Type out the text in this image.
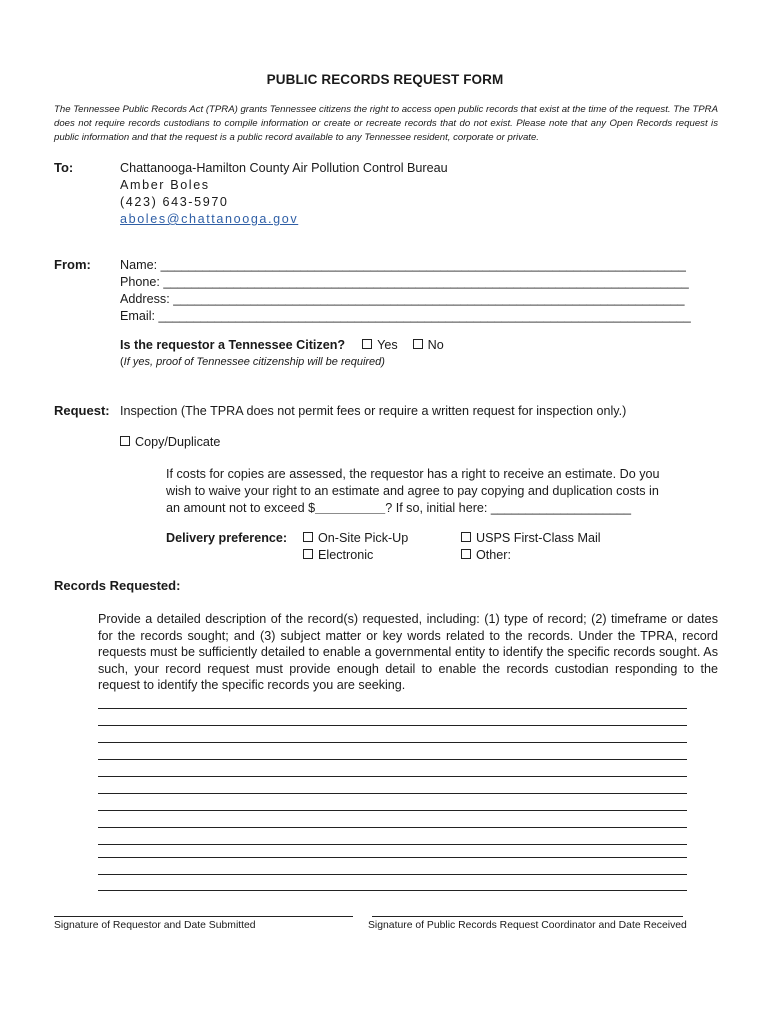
PUBLIC RECORDS REQUEST FORM
The Tennessee Public Records Act (TPRA) grants Tennessee citizens the right to access open public records that exist at the time of the request. The TPRA does not require records custodians to compile information or create or recreate records that do not exist. Please note that any Open Records request is public information and that the request is a public record available to any Tennessee resident, corporate or private.
To:	Chattanooga-Hamilton County Air Pollution Control Bureau
Amber Boles
(423) 643-5970
aboles@chattanooga.gov
From: Name: ___________________________________________________________________________
Phone: ___________________________________________________________________________
Address: _________________________________________________________________________
Email: ____________________________________________________________________________
Is the requestor a Tennessee Citizen?	Yes No
(If yes, proof of Tennessee citizenship will be required)
Request: Inspection (The TPRA does not permit fees or require a written request for inspection only.)
Copy/Duplicate
If costs for copies are assessed, the requestor has a right to receive an estimate. Do you
wish to waive your right to an estimate and agree to pay copying and duplication costs in
an amount not to exceed $__________? If so, initial here: ____________________
Delivery preference:	On-Site Pick-Up
Electronic
USPS First-Class Mail
Other:
Records Requested:
Provide a detailed description of the record(s) requested, including: (1) type of record; (2) timeframe or dates for the records sought; and (3) subject matter or key words related to the records. Under the TPRA, record requests must be sufficiently detailed to enable a governmental entity to identify the specific records sought. As such, your record request must provide enough detail to enable the records custodian responding to the request to identify the specific records you are seeking.
Signature of Requestor and Date Submitted	Signature of Public Records Request Coordinator and Date Received
